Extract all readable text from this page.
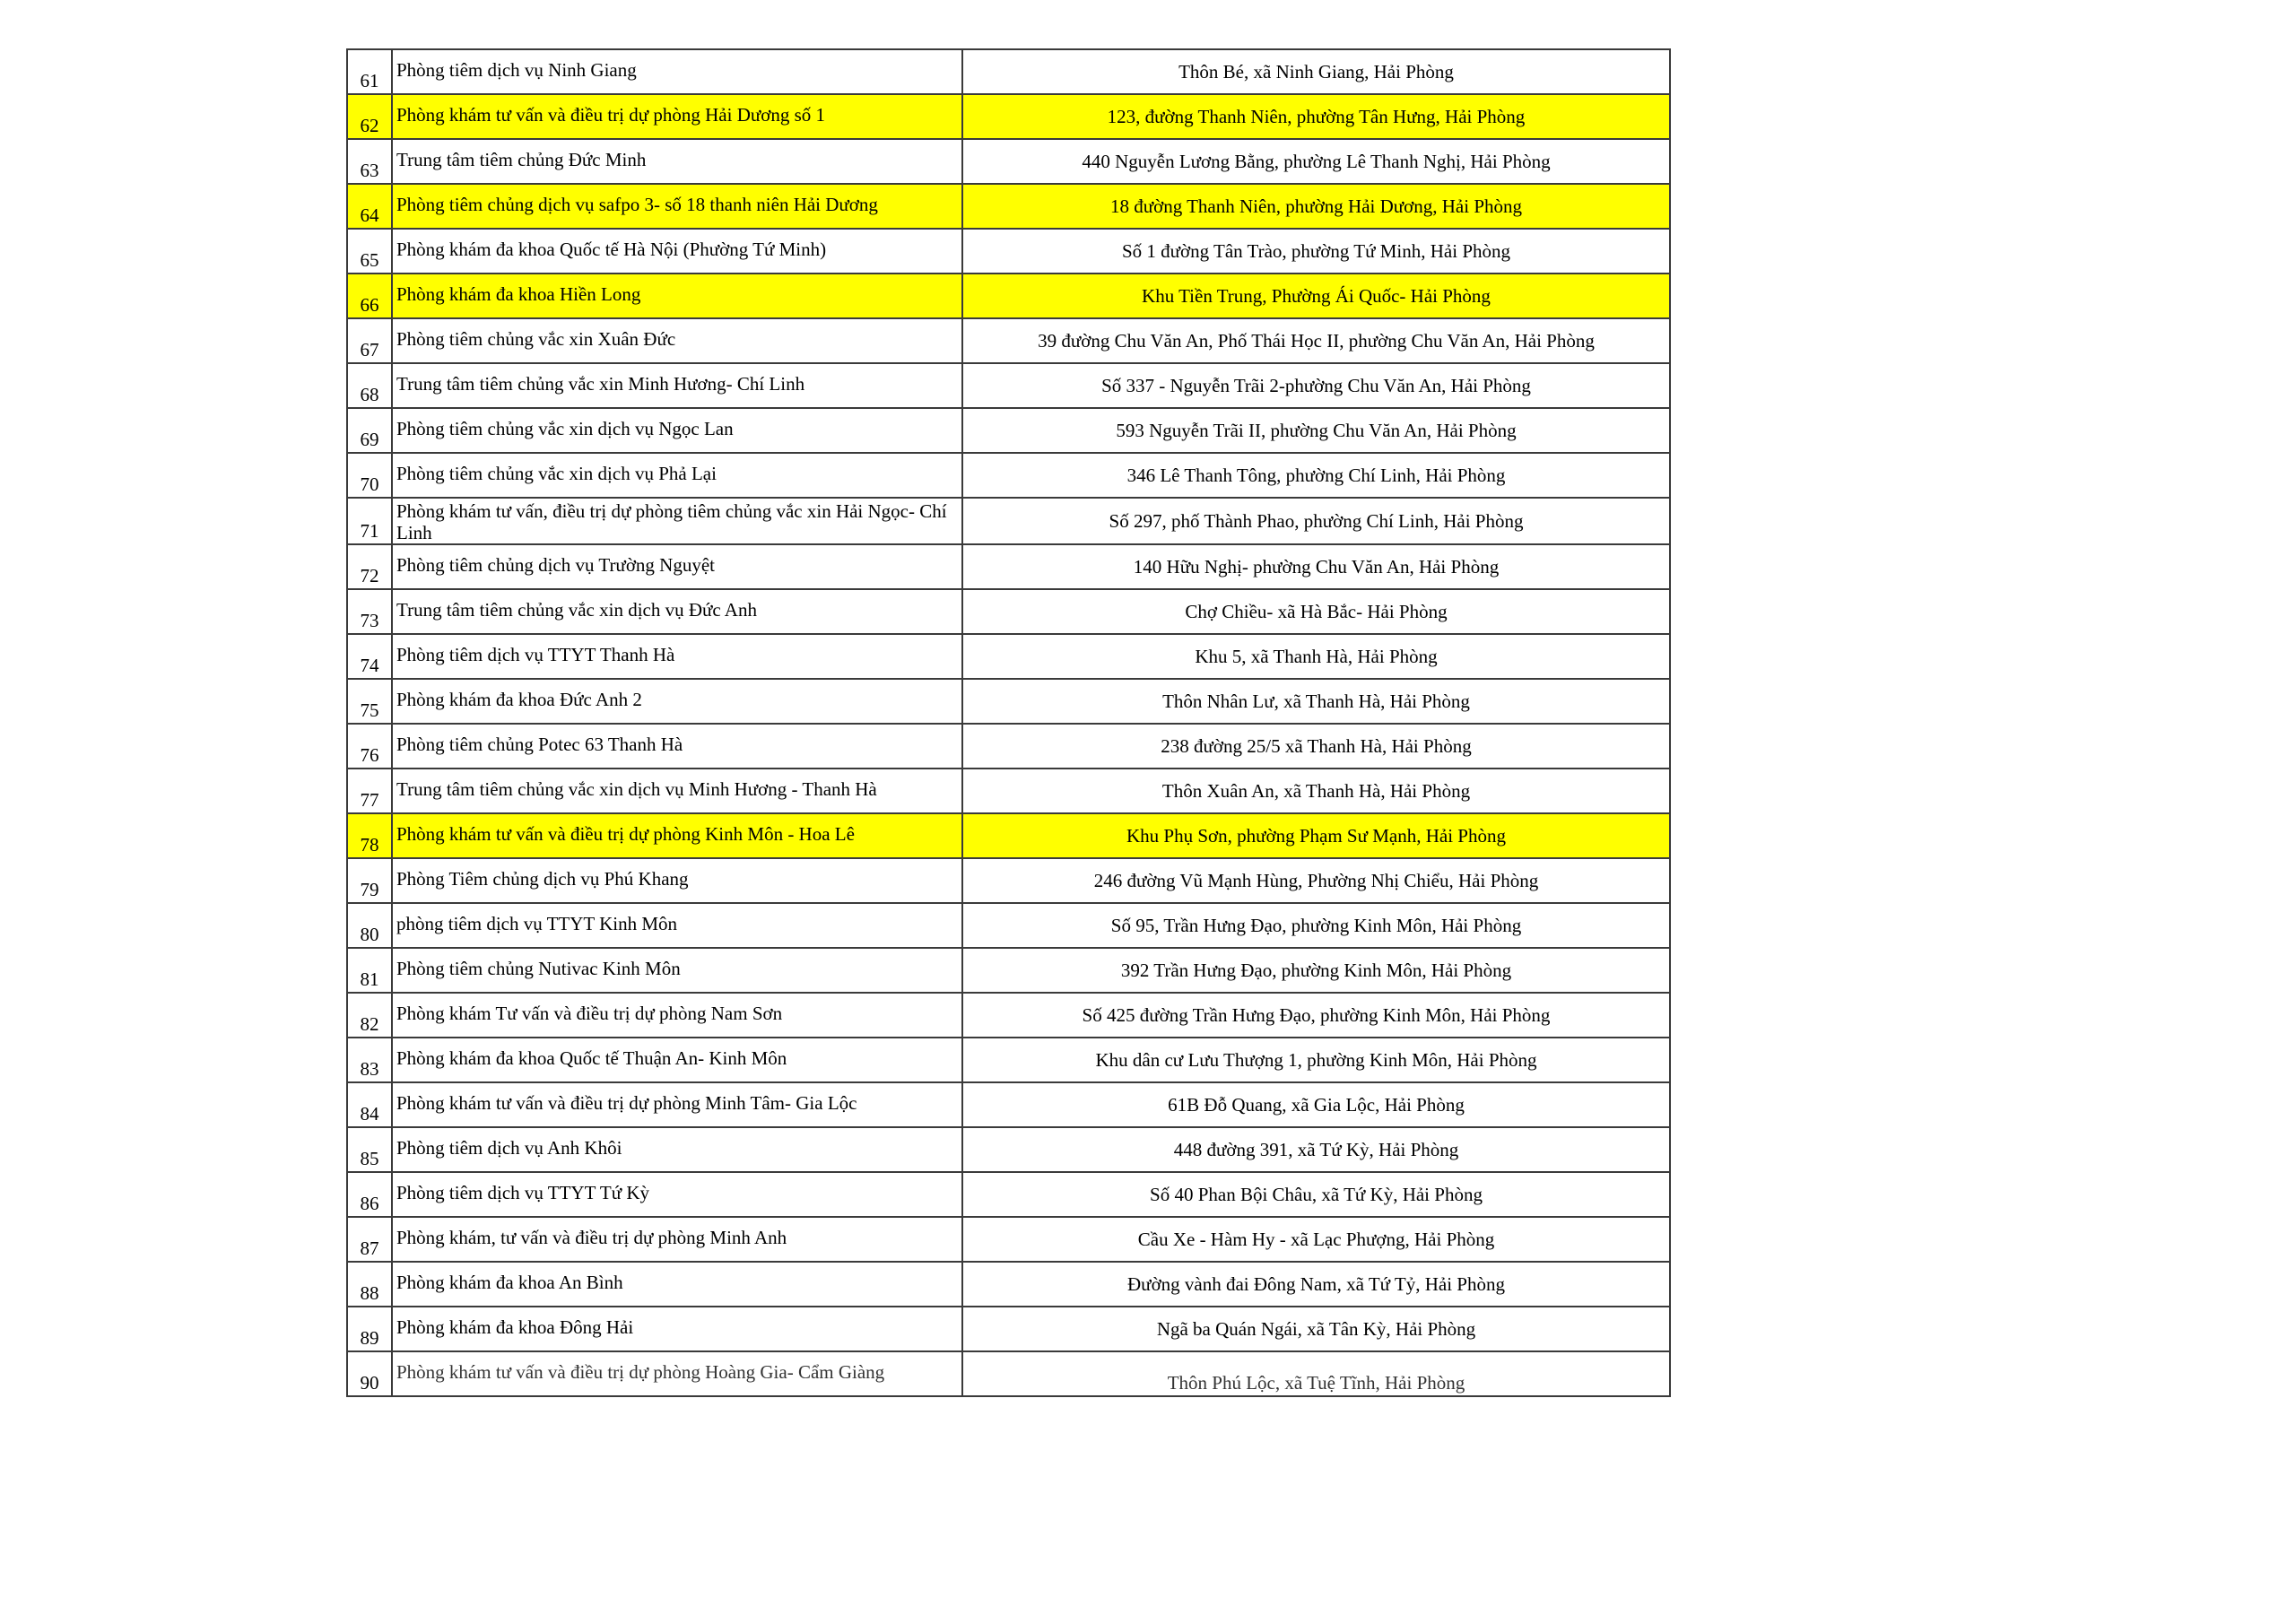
61	Phòng tiêm dịch vụ Ninh Giang	Thôn Bé, xã Ninh Giang, Hải Phòng
62	Phòng khám tư vấn và điều trị dự phòng Hải Dương số 1	123, đường Thanh Niên, phường Tân Hưng, Hải Phòng
63	Trung tâm tiêm chủng Đức Minh	440 Nguyễn Lương Bằng, phường Lê Thanh Nghị, Hải Phòng
64	Phòng tiêm chủng dịch vụ safpo 3- số 18 thanh niên Hải Dương	18 đường Thanh Niên, phường Hải Dương, Hải Phòng
65	Phòng khám đa khoa Quốc tế Hà Nội (Phường Tứ Minh)	Số 1 đường Tân Trào, phường Tứ Minh, Hải Phòng
66	Phòng khám đa khoa Hiền Long	Khu Tiền Trung, Phường Ái Quốc- Hải Phòng
67	Phòng tiêm chủng vắc xin Xuân Đức	39 đường Chu Văn An, Phố Thái Học II, phường Chu Văn An, Hải Phòng
68	Trung tâm tiêm chủng vắc xin Minh Hương- Chí Linh	Số 337 - Nguyễn Trãi 2-phường Chu Văn An, Hải Phòng
69	Phòng tiêm chủng vắc xin dịch vụ Ngọc Lan	593 Nguyễn Trãi II, phường Chu Văn An, Hải Phòng
70	Phòng tiêm chủng vắc xin dịch vụ Phả Lại	346 Lê Thanh Tông, phường Chí Linh, Hải Phòng
71	Phòng khám tư vấn, điều trị dự phòng tiêm chủng vắc xin Hải Ngọc- Chí Linh	Số 297, phố Thành Phao, phường Chí Linh, Hải Phòng
72	Phòng tiêm chủng dịch vụ Trường Nguyệt	140 Hữu Nghị- phường Chu Văn An, Hải Phòng
73	Trung tâm tiêm chủng vắc xin dịch vụ Đức Anh	Chợ Chiều- xã Hà Bắc- Hải Phòng
74	Phòng tiêm dịch vụ TTYT Thanh Hà	Khu 5, xã Thanh Hà, Hải Phòng
75	Phòng khám đa khoa Đức Anh 2	Thôn Nhân Lư, xã Thanh Hà, Hải Phòng
76	Phòng tiêm chủng Potec 63 Thanh Hà	238 đường 25/5 xã Thanh Hà, Hải Phòng
77	Trung tâm tiêm chủng vắc xin dịch vụ Minh Hương - Thanh Hà	Thôn Xuân An, xã Thanh Hà, Hải Phòng
78	Phòng khám tư vấn và điều trị dự phòng Kinh Môn - Hoa Lê	Khu Phụ Sơn, phường Phạm Sư Mạnh, Hải Phòng
79	Phòng Tiêm chủng dịch vụ Phú Khang	246 đường Vũ Mạnh Hùng, Phường Nhị Chiểu, Hải Phòng
80	phòng tiêm dịch vụ TTYT Kinh Môn	Số 95, Trần Hưng Đạo, phường Kinh Môn, Hải Phòng
81	Phòng tiêm chủng Nutivac Kinh Môn	392 Trần Hưng Đạo, phường Kinh Môn, Hải Phòng
82	Phòng khám Tư vấn và điều trị dự phòng Nam Sơn	Số 425 đường Trần Hưng Đạo, phường Kinh Môn, Hải Phòng
83	Phòng khám đa khoa Quốc tế Thuận An- Kinh Môn	Khu dân cư Lưu Thượng 1, phường Kinh Môn, Hải Phòng
84	Phòng khám tư vấn và điều trị dự phòng Minh Tâm- Gia Lộc	61B Đỗ Quang, xã Gia Lộc, Hải Phòng
85	Phòng tiêm dịch vụ Anh Khôi	448 đường 391, xã Tứ Kỳ, Hải Phòng
86	Phòng tiêm dịch vụ TTYT Tứ Kỳ	Số 40 Phan Bội Châu, xã Tứ Kỳ, Hải Phòng
87	Phòng khám, tư vấn và điều trị dự phòng Minh Anh	Cầu Xe - Hàm Hy - xã Lạc Phượng, Hải Phòng
88	Phòng khám đa khoa An Bình	Đường vành đai Đông Nam, xã Tứ Tỷ, Hải Phòng
89	Phòng khám đa khoa Đông Hải	Ngã ba Quán Ngái, xã Tân Kỳ, Hải Phòng
90	Phòng khám tư vấn và điều trị dự phòng Hoàng Gia- Cẩm Giàng	Thôn Phú Lộc, xã Tuệ Tĩnh, Hải Phòng
